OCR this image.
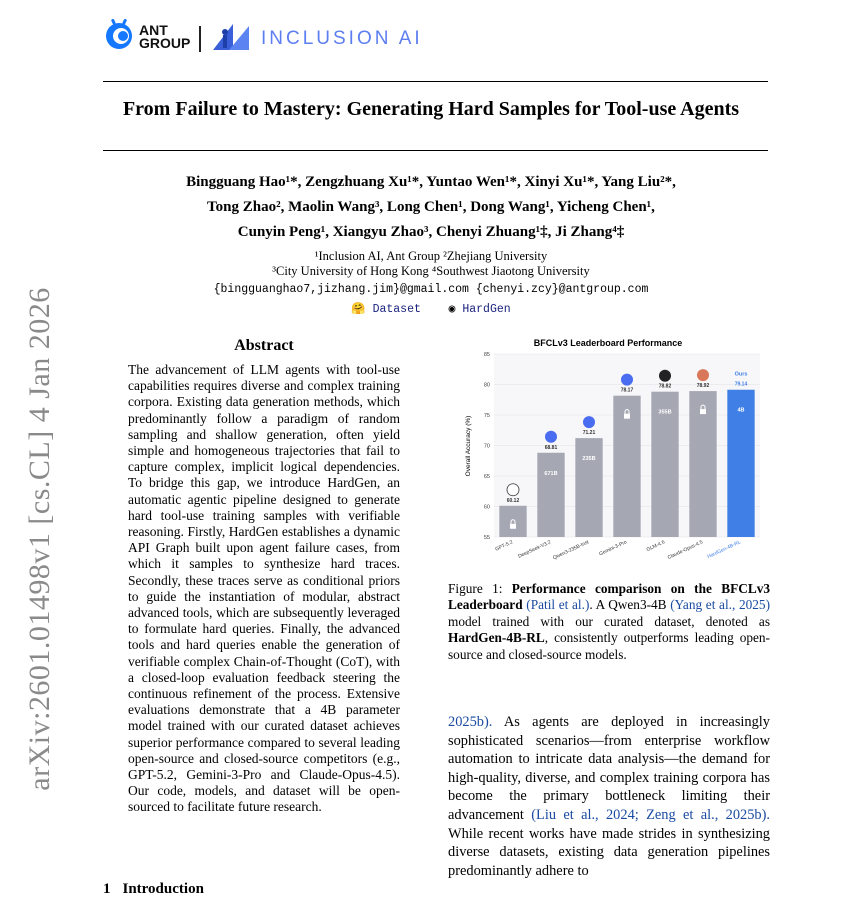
ANT
GROUP	INCLUSION AI
From Failure to Mastery: Generating Hard Samples for Tool-use Agents
Bingguang Hao¹*, Zengzhuang Xu¹*, Yuntao Wen¹*, Xinyi Xu¹*, Yang Liu²*,
Tong Zhao², Maolin Wang³, Long Chen¹, Dong Wang¹, Yicheng Chen¹,
Cunyin Peng¹, Xiangyu Zhao³, Chenyi Zhuang¹‡, Ji Zhang⁴‡
¹Inclusion AI, Ant Group ²Zhejiang University
³City University of Hong Kong ⁴Southwest Jiaotong University
{bingguanghao7,jizhang.jim}@gmail.com {chenyi.zcy}@antgroup.com
🤗 Dataset ◉ HardGen
arXiv:2601.01498v1 [cs.CL] 4 Jan 2026	Abstract

The advancement of LLM agents with tool-use capabilities requires diverse and complex training corpora. Existing data generation methods, which predominantly follow a paradigm of random sampling and shallow generation, often yield simple and homogeneous trajectories that fail to capture complex, implicit logical dependencies. To bridge this gap, we introduce HardGen, an automatic agentic pipeline designed to generate hard tool-use training samples with verifiable reasoning. Firstly, HardGen establishes a dynamic API Graph built upon agent failure cases, from which it samples to synthesize hard traces. Secondly, these traces serve as conditional priors to guide the instantiation of modular, abstract advanced tools, which are subsequently leveraged to formulate hard queries. Finally, the advanced tools and hard queries enable the generation of verifiable complex Chain-of-Thought (CoT), with a closed-loop evaluation feedback steering the continuous refinement of the process. Extensive evaluations demonstrate that a 4B parameter model trained with our curated dataset achieves superior performance compared to several leading open-source and closed-source competitors (e.g., GPT-5.2, Gemini-3-Pro and Claude-Opus-4.5). Our code, models, and dataset will be open-sourced to facilitate future research.

1 Introduction
BFCLv3 Leaderboard Performance
Overall Accuracy (%)
55
60
65
70
75
80
85
60.12
GPT-5.2
68.81
671B
DeepSeek-V3.2
71.21
235B
Qwen3-235B-Inst
78.17
Gemini-3-Pro
78.82
355B
GLM-4.6
78.92
Claude-Opus-4.5
79.14
4B
Ours
HardGen-4B-RL
Figure 1: Performance comparison on the BFCLv3 Leaderboard (Patil et al.). A Qwen3-4B (Yang et al., 2025) model trained with our curated dataset, denoted as HardGen-4B-RL, consistently outperforms leading open-source and closed-source models.

2025b). As agents are deployed in increasingly sophisticated scenarios—from enterprise workflow automation to intricate data analysis—the demand for high-quality, diverse, and complex training corpora has become the primary bottleneck limiting their advancement (Liu et al., 2024; Zeng et al., 2025b). While recent works have made strides in synthesizing diverse datasets, existing data generation pipelines predominantly adhere to
